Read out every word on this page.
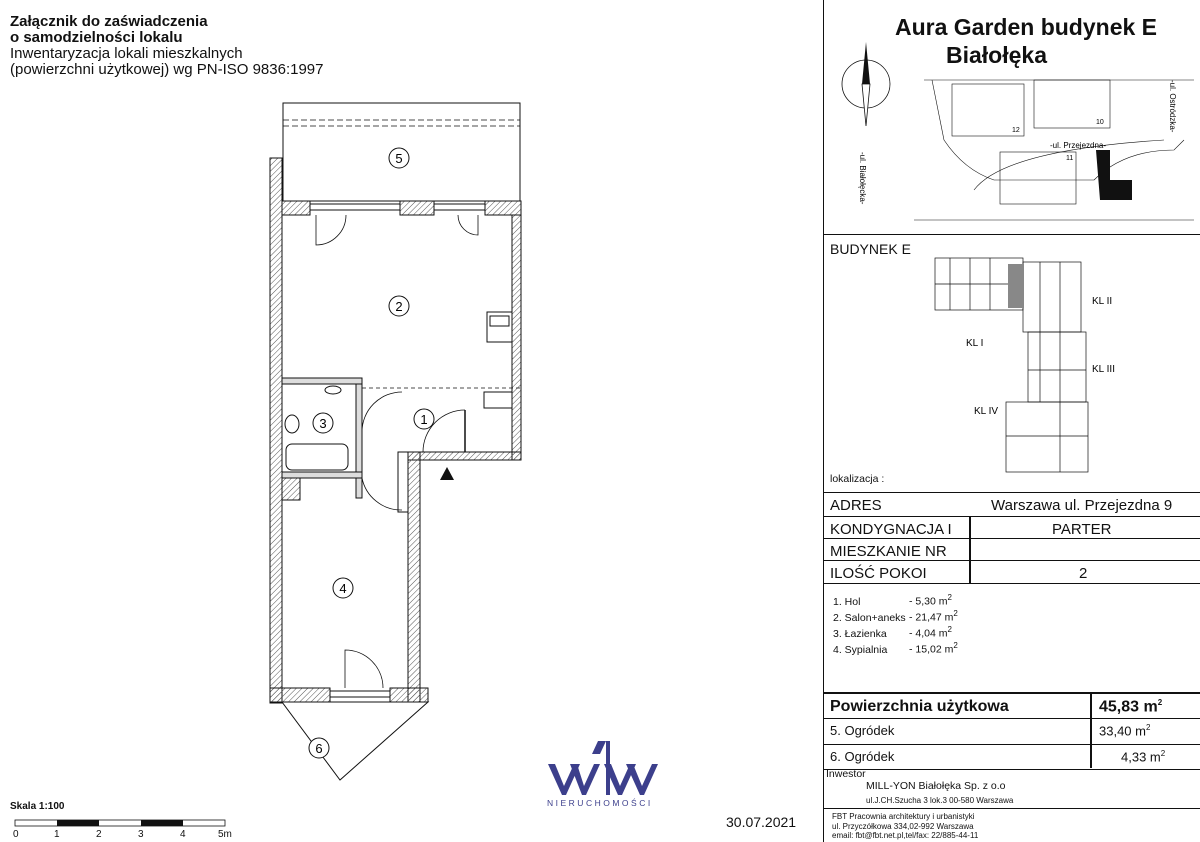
Załącznik do zaświadczenia
o samodzielności lokalu
Inwentaryzacja lokali mieszkalnych
(powierzchni użytkowej) wg PN-ISO 9836:1997
5
2
3	1
4
6
Skala 1:100
0	1	2	3	4	5m
NIERUCHOMOŚCI
30.07.2021
Aura Garden budynek E
Białołęka
12
10
11
-ul. Przejezdna-
-ul. Białołęcka-
-ul. Ostródzka-
BUDYNEK E
lokalizacja :
KL II
KL I
KL III
KL IV
ADRES	Warszawa ul. Przejezdna 9
KONDYGNACJA I	PARTER
MIESZKANIE NR
ILOŚĆ POKOI	2
1. Hol	- 5,30 $m^2$
2. Salon+aneks - 21,47 $m^2$
3. Łazienka - 4,04 $m^2$
4. Sypialnia - 15,02 $m^2$
Powierzchnia użytkowa	45,83 $m^2$
5. Ogródek	33,40 $m^2$
6. Ogródek	4,33 $m^2$
Inwestor
MILL-YON Białołęka Sp. z o.o
ul.J.CH.Szucha 3 lok.3 00-580 Warszawa
FBT Pracownia architektury i urbanistyki
ul. Przyczółkowa 334,02-992 Warszawa
email: fbt@fbt.net.pl,tel/fax: 22/885-44-11
